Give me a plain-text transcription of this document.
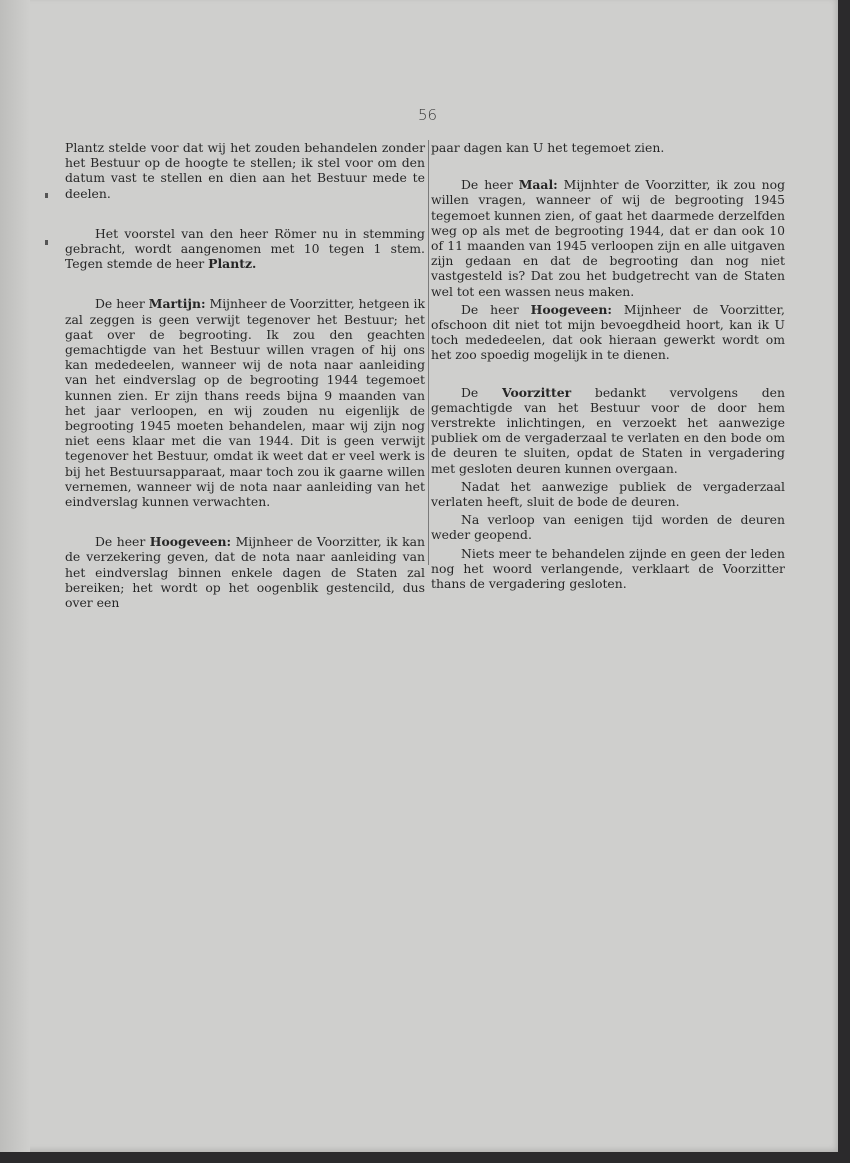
56

Plantz stelde voor dat wij het zouden behandelen zonder het Bestuur op de hoogte te stellen; ik stel voor om den datum vast te stellen en dien aan het Bestuur mede te deelen.

Het voorstel van den heer Römer nu in stemming gebracht, wordt aangenomen met 10 tegen 1 stem. Tegen stemde de heer Plantz.

De heer Martijn: Mijnheer de Voorzitter, hetgeen ik zal zeggen is geen verwijt tegenover het Bestuur; het gaat over de begrooting. Ik zou den geachten gemachtigde van het Bestuur willen vragen of hij ons kan mededeelen, wanneer wij de nota naar aanleiding van het eindverslag op de begrooting 1944 tegemoet kunnen zien. Er zijn thans reeds bijna 9 maanden van het jaar verloopen, en wij zouden nu eigenlijk de begrooting 1945 moeten behandelen, maar wij zijn nog niet eens klaar met die van 1944. Dit is geen verwijt tegenover het Bestuur, omdat ik weet dat er veel werk is bij het Bestuursapparaat, maar toch zou ik gaarne willen vernemen, wanneer wij de nota naar aanleiding van het eindverslag kunnen verwachten.

De heer Hoogeveen: Mijnheer de Voorzitter, ik kan de verzekering geven, dat de nota naar aanleiding van het eindverslag binnen enkele dagen de Staten zal bereiken; het wordt op het oogenblik gestencild, dus over een

paar dagen kan U het tegemoet zien.

De heer Maal: Mijnhter de Voorzitter, ik zou nog willen vragen, wanneer of wij de begrooting 1945 tegemoet kunnen zien, of gaat het daarmede derzelfden weg op als met de begrooting 1944, dat er dan ook 10 of 11 maanden van 1945 verloopen zijn en alle uitgaven zijn gedaan en dat de begrooting dan nog niet vastgesteld is? Dat zou het budgetrecht van de Staten wel tot een wassen neus maken.

De heer Hoogeveen: Mijnheer de Voorzitter, ofschoon dit niet tot mijn bevoegdheid hoort, kan ik U toch mededeelen, dat ook hieraan gewerkt wordt om het zoo spoedig mogelijk in te dienen.

De Voorzitter bedankt vervolgens den gemachtigde van het Bestuur voor de door hem verstrekte inlichtingen, en verzoekt het aanwezige publiek om de vergaderzaal te verlaten en den bode om de deuren te sluiten, opdat de Staten in vergadering met gesloten deuren kunnen overgaan.

Nadat het aanwezige publiek de vergaderzaal verlaten heeft, sluit de bode de deuren.

Na verloop van eenigen tijd worden de deuren weder geopend.

Niets meer te behandelen zijnde en geen der leden nog het woord verlangende, verklaart de Voorzitter thans de vergadering gesloten.
